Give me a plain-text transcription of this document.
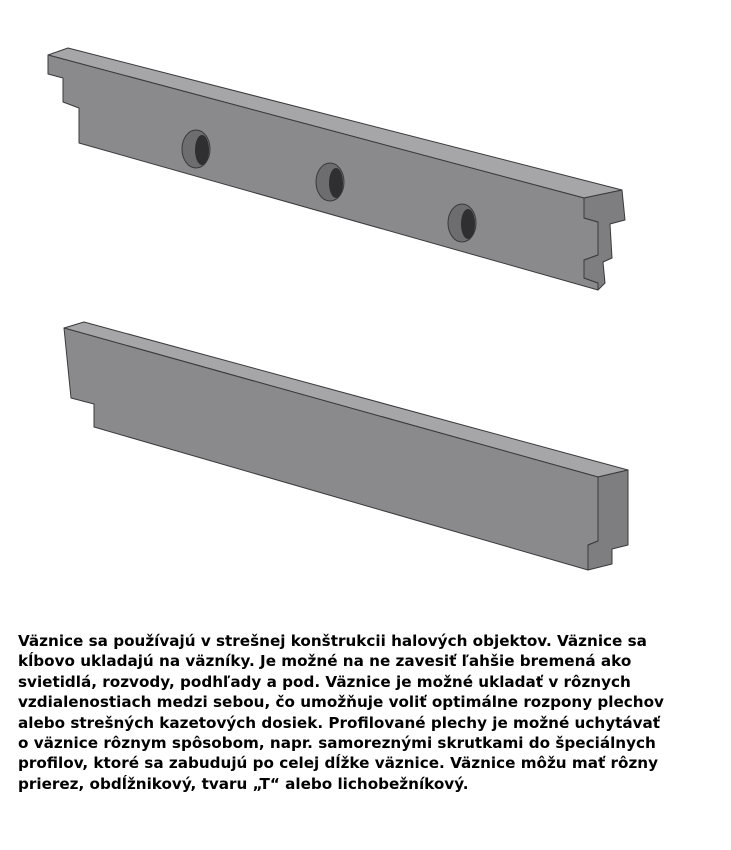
Väznice sa používajú v strešnej konštrukcii halových objektov. Väznice sa
kĺbovo ukladajú na väzníky. Je možné na ne zavesiť ľahšie bremená ako
svietidlá, rozvody, podhľady a pod. Väznice je možné ukladať v rôznych
vzdialenostiach medzi sebou, čo umožňuje voliť optimálne rozpony plechov
alebo strešných kazetových dosiek. Profilované plechy je možné uchytávať
o väznice rôznym spôsobom, napr. samoreznými skrutkami do špeciálnych
profilov, ktoré sa zabudujú po celej dĺžke väznice. Väznice môžu mať rôzny
prierez, obdĺžnikový, tvaru „T“ alebo lichobežníkový.
